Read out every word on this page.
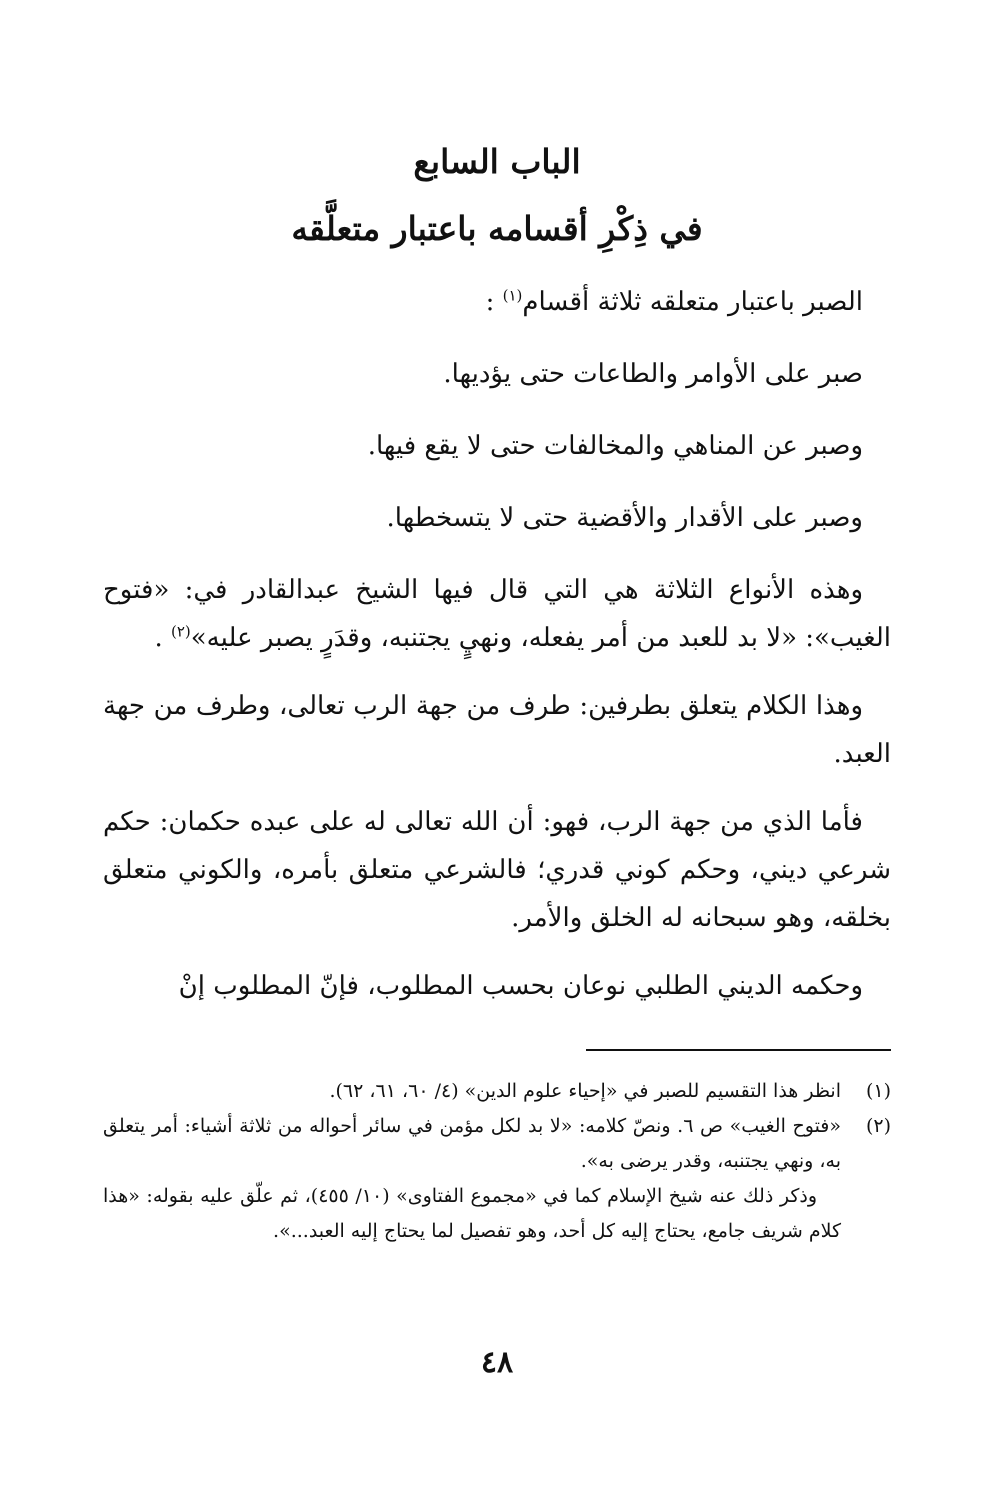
الباب السابع
في ذِكْرِ أقسامه باعتبار متعلَّقه

الصبر باعتبار متعلقه ثلاثة أقسام$^{(١)}$ :

صبر على الأوامر والطاعات حتى يؤديها.

وصبر عن المناهي والمخالفات حتى لا يقع فيها.

وصبر على الأقدار والأقضية حتى لا يتسخطها.

وهذه الأنواع الثلاثة هي التي قال فيها الشيخ عبدالقادر في: «فتوح الغيب»: «لا بد للعبد من أمر يفعله، ونهيٍ يجتنبه، وقدَرٍ يصبر عليه»$^{(٢)}$ .

وهذا الكلام يتعلق بطرفين: طرف من جهة الرب تعالى، وطرف من جهة العبد.

فأما الذي من جهة الرب، فهو: أن الله تعالى له على عبده حكمان: حكم شرعي ديني، وحكم كوني قدري؛ فالشرعي متعلق بأمره، والكوني متعلق بخلقه، وهو سبحانه له الخلق والأمر.

وحكمه الديني الطلبي نوعان بحسب المطلوب، فإنّ المطلوب إنْ

(١)

انظر هذا التقسيم للصبر في «إحياء علوم الدين» (٤/ ٦٠، ٦١، ٦٢).

(٢)

«فتوح الغيب» ص ٦. ونصّ كلامه: «لا بد لكل مؤمن في سائر أحواله من ثلاثة أشياء: أمر يتعلق به، ونهي يجتنبه، وقدر يرضى به».

وذكر ذلك عنه شيخ الإسلام كما في «مجموع الفتاوى» (١٠/ ٤٥٥)، ثم علّق عليه بقوله: «هذا كلام شريف جامع، يحتاج إليه كل أحد، وهو تفصيل لما يحتاج إليه العبد...».

٤٨
